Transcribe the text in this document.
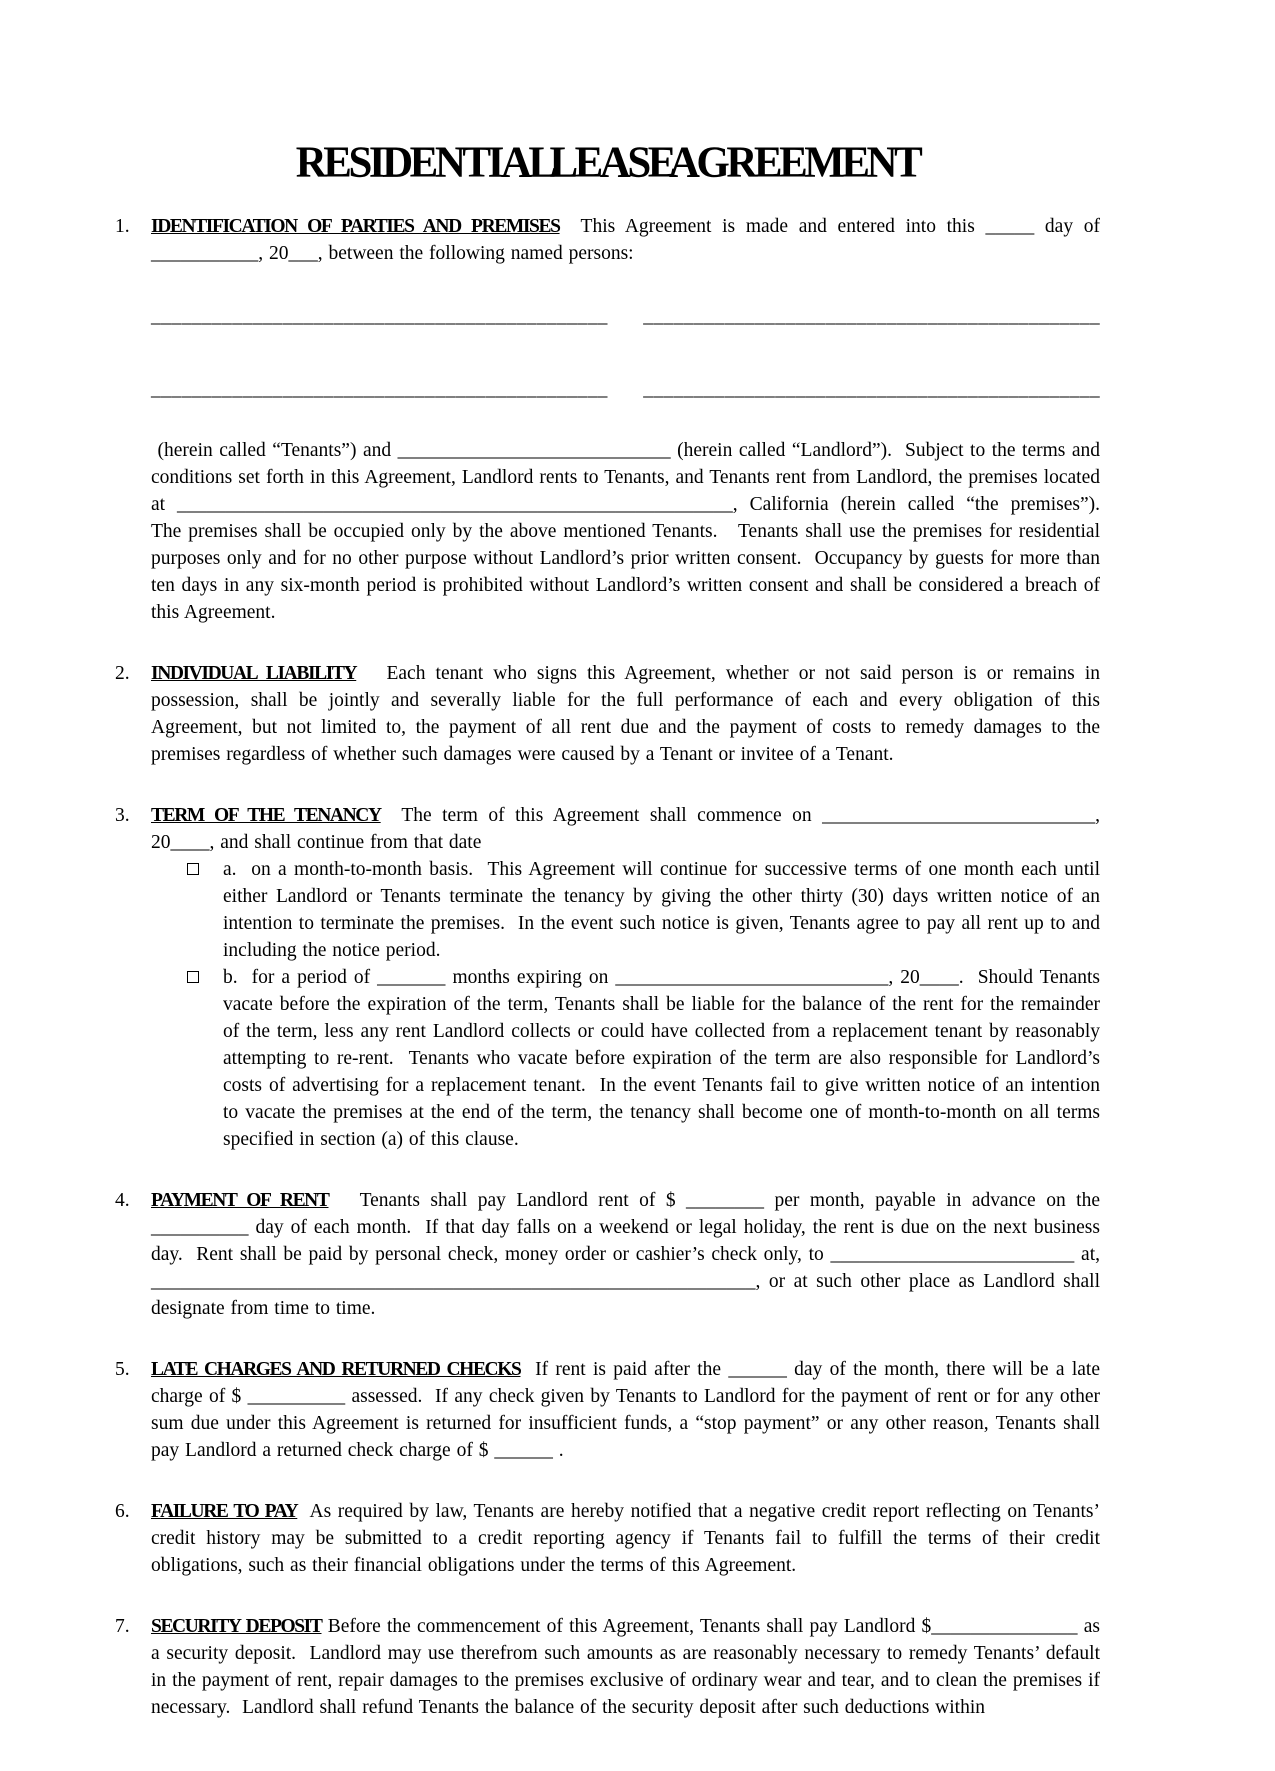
RESIDENTIAL LEASE AGREEMENT
1.	IDENTIFICATION OF PARTIES AND PREMISES  This Agreement is made and entered into this _____ day of ___________, 20___, between the following named persons:

_____________________________________________ _____________________________________________
_____________________________________________ _____________________________________________

(herein called “Tenants”) and ____________________________ (herein called “Landlord”).  Subject to the terms and conditions set forth in this Agreement, Landlord rents to Tenants, and Tenants rent from Landlord, the premises located at _________________________________________________________, California (herein called “the premises”).  The premises shall be occupied only by the above mentioned Tenants.   Tenants shall use the premises for residential purposes only and for no other purpose without Landlord’s prior written consent.  Occupancy by guests for more than ten days in any six-month period is prohibited without Landlord’s written consent and shall be considered a breach of this Agreement.

2.	INDIVIDUAL LIABILITY   Each tenant who signs this Agreement, whether or not said person is or remains in possession, shall be jointly and severally liable for the full performance of each and every obligation of this Agreement, but not limited to, the payment of all rent due and the payment of costs to remedy damages to the premises regardless of whether such damages were caused by a Tenant or invitee of a Tenant.

3.	TERM OF THE TENANCY  The term of this Agreement shall commence on ____________________________, 20____, and shall continue from that date

a.  on a month-to-month basis.  This Agreement will continue for successive terms of one month each until either Landlord or Tenants terminate the tenancy by giving the other thirty (30) days written notice of an intention to terminate the premises.  In the event such notice is given, Tenants agree to pay all rent up to and including the notice period.

b.  for a period of _______ months expiring on ____________________________, 20____.  Should Tenants vacate before the expiration of the term, Tenants shall be liable for the balance of the rent for the remainder of the term, less any rent Landlord collects or could have collected from a replacement tenant by reasonably attempting to re-rent.  Tenants who vacate before expiration of the term are also responsible for Landlord’s costs of advertising for a replacement tenant.  In the event Tenants fail to give written notice of an intention to vacate the premises at the end of the term, the tenancy shall become one of month-to-month on all terms specified in section (a) of this clause.

4.	PAYMENT OF RENT   Tenants shall pay Landlord rent of $ ________ per month, payable in advance on the __________ day of each month.  If that day falls on a weekend or legal holiday, the rent is due on the next business day.  Rent shall be paid by personal check, money order or cashier’s check only, to _________________________ at, ______________________________________________________________, or at such other place as Landlord shall designate from time to time.

5.	LATE CHARGES AND RETURNED CHECKS  If rent is paid after the ______ day of the month, there will be a late charge of $ __________ assessed.  If any check given by Tenants to Landlord for the payment of rent or for any other sum due under this Agreement is returned for insufficient funds, a “stop payment” or any other reason, Tenants shall pay Landlord a returned check charge of $ ______ .

6.	FAILURE TO PAY  As required by law, Tenants are hereby notified that a negative credit report reflecting on Tenants’ credit history may be submitted to a credit reporting agency if Tenants fail to fulfill the terms of their credit obligations, such as their financial obligations under the terms of this Agreement.

7.	SECURITY DEPOSIT Before the commencement of this Agreement, Tenants shall pay Landlord $_______________ as a security deposit.  Landlord may use therefrom such amounts as are reasonably necessary to remedy Tenants’ default in the payment of rent, repair damages to the premises exclusive of ordinary wear and tear, and to clean the premises if necessary.  Landlord shall refund Tenants the balance of the security deposit after such deductions within
